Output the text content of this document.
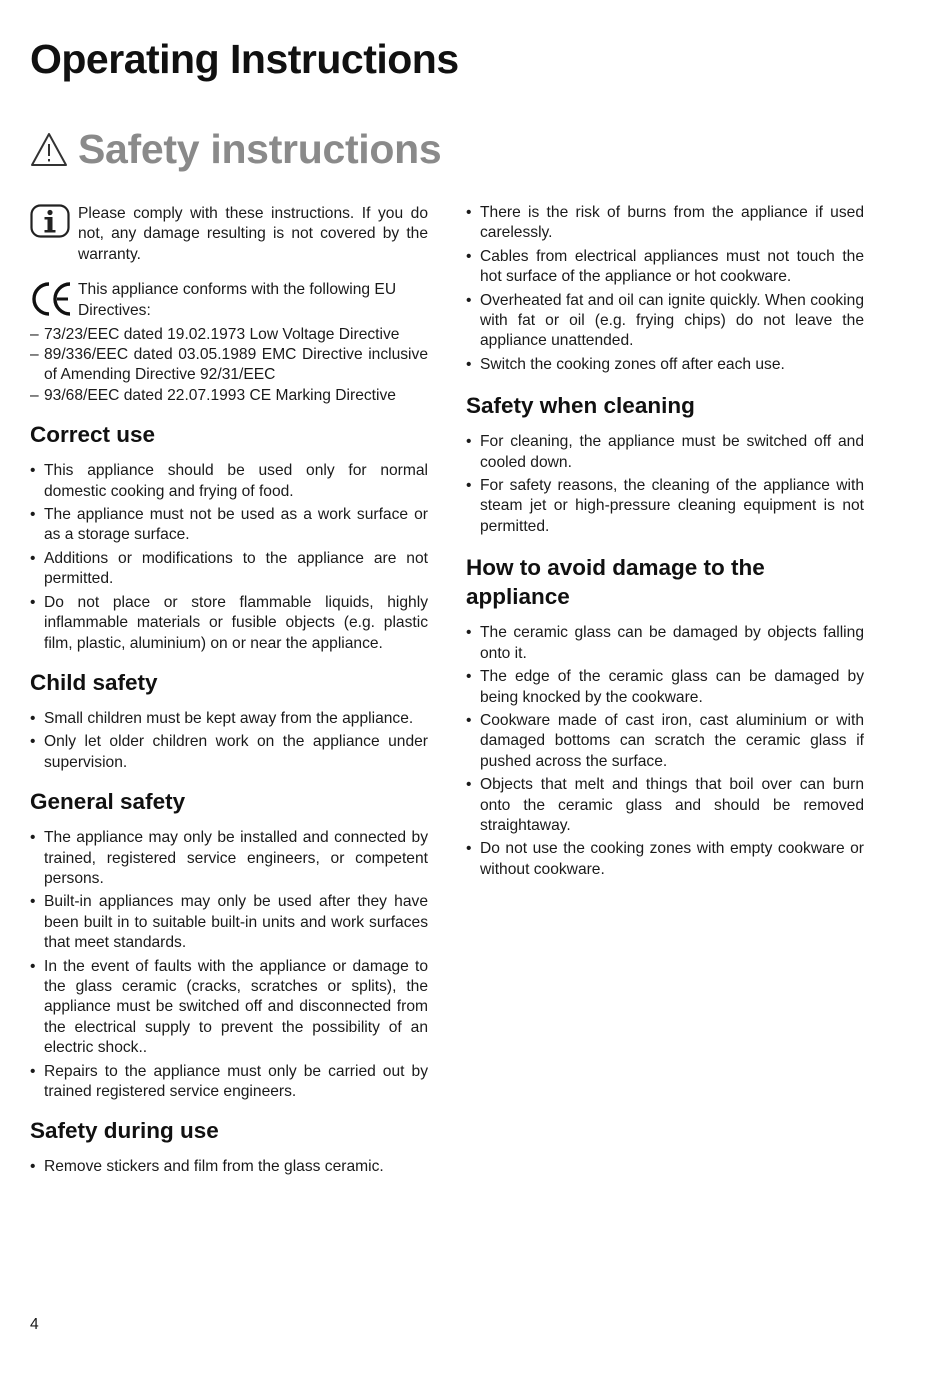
Operating Instructions
Safety instructions
Please comply with these instructions. If you do not, any damage resulting is not covered by the warranty.
This appliance conforms with the following EU Directives:
– 73/23/EEC dated 19.02.1973 Low Voltage Directive
– 89/336/EEC dated 03.05.1989 EMC Directive inclusive of Amending Directive 92/31/EEC
– 93/68/EEC dated 22.07.1993 CE Marking Directive
Correct use
• This appliance should be used only for normal domestic cooking and frying of food.
• The appliance must not be used as a work surface or as a storage surface.
• Additions or modifications to the appliance are not permitted.
• Do not place or store flammable liquids, highly inflammable materials or fusible objects (e.g. plastic film, plastic, aluminium) on or near the appliance.
Child safety
• Small children must be kept away from the appliance.
• Only let older children work on the appliance under supervision.
General safety
• The appliance may only be installed and connected by trained, registered service engineers, or competent persons.
• Built-in appliances may only be used after they have been built in to suitable built-in units and work surfaces that meet standards.
• In the event of faults with the appliance or damage to the glass ceramic (cracks, scratches or splits), the appliance must be switched off and disconnected from the electrical supply to prevent the possibility of an electric shock..
• Repairs to the appliance must only be carried out by trained registered service engineers.
Safety during use
• Remove stickers and film from the glass ceramic.
• There is the risk of burns from the appliance if used carelessly.
• Cables from electrical appliances must not touch the hot surface of the appliance or hot cookware.
• Overheated fat and oil can ignite quickly. When cooking with fat or oil (e.g. frying chips) do not leave the appliance unattended.
• Switch the cooking zones off after each use.
Safety when cleaning
• For cleaning, the appliance must be switched off and cooled down.
• For safety reasons, the cleaning of the appliance with steam jet or high-pressure cleaning equipment is not permitted.
How to avoid damage to the appliance
• The ceramic glass can be damaged by objects falling onto it.
• The edge of the ceramic glass can be damaged by being knocked by the cookware.
• Cookware made of cast iron, cast aluminium or with damaged bottoms can scratch the ceramic glass if pushed across the surface.
• Objects that melt and things that boil over can burn onto the ceramic glass and should be removed straightaway.
• Do not use the cooking zones with empty cookware or without cookware.
4
